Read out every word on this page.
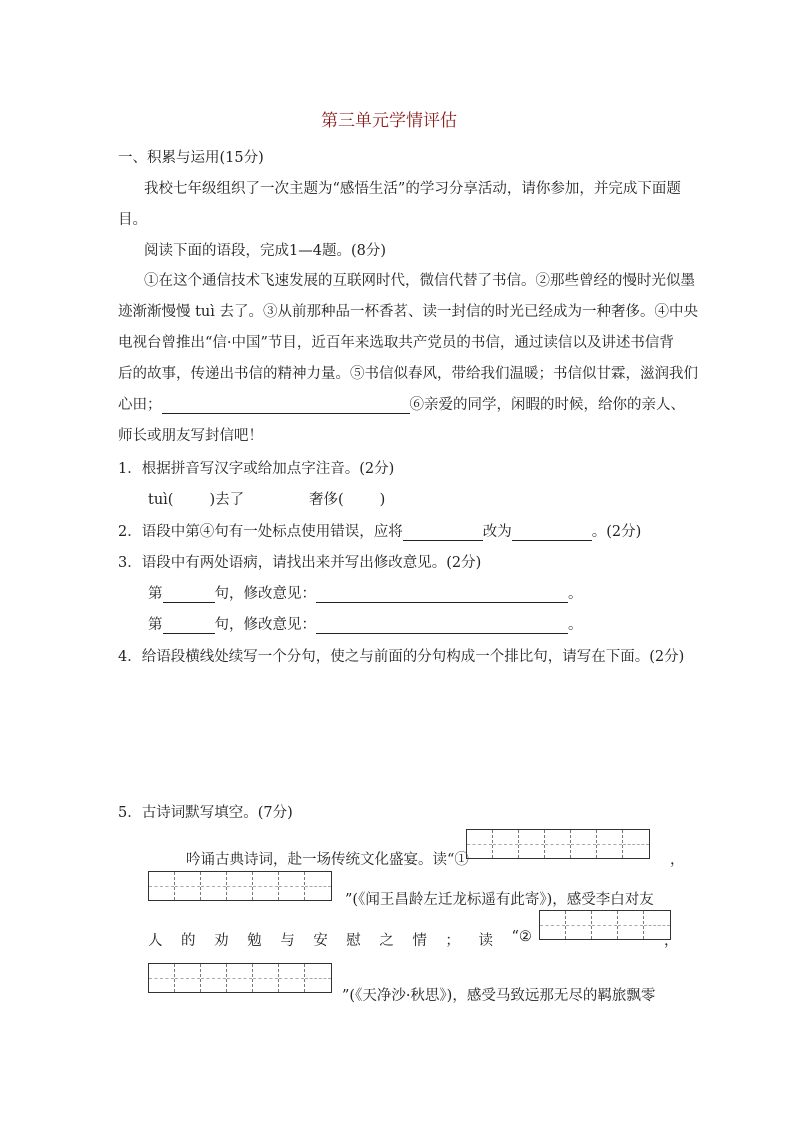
第三单元学情评估
一、积累与运用(15分)
我校七年级组织了一次主题为“感悟生活”的学习分享活动，请你参加，并完成下面题
目。
阅读下面的语段，完成1—4题。(8分)
①在这个通信技术飞速发展的互联网时代，微信代替了书信。②那些曾经的慢时光似墨
迹渐渐慢慢 tuì 去了。③从前那种品一杯香茗、读一封信的时光已经成为一种奢侈。④中央
电视台曾推出“信·中国”节目，近百年来选取共产党员的书信，通过读信以及讲述书信背
后的故事，传递出书信的精神力量。⑤书信似春风，带给我们温暖；书信似甘霖，滋润我们
心田；	⑥亲爱的同学，闲暇的时候，给你的亲人、
师长或朋友写封信吧！
1．根据拼音写汉字或给加点字注音。(2分)
tuì( )去了	奢侈( )
2．语段中第④句有一处标点使用错误，应将	改为	。(2分)
3．语段中有两处语病，请找出来并写出修改意见。(2分)
第	句，修改意见：	。
第	句，修改意见：	。
4．给语段横线处续写一个分句，使之与前面的分句构成一个排比句，请写在下面。(2分)
5．古诗词默写填空。(7分)
吟诵古典诗词，赴一场传统文化盛宴。读“①	，
”(《闻王昌龄左迁龙标遥有此寄》)，感受李白对友
人 的 劝 勉 与 安 慰 之 情 ； 读 “②	，
”(《天净沙·秋思》)，感受马致远那无尽的羁旅飘零
